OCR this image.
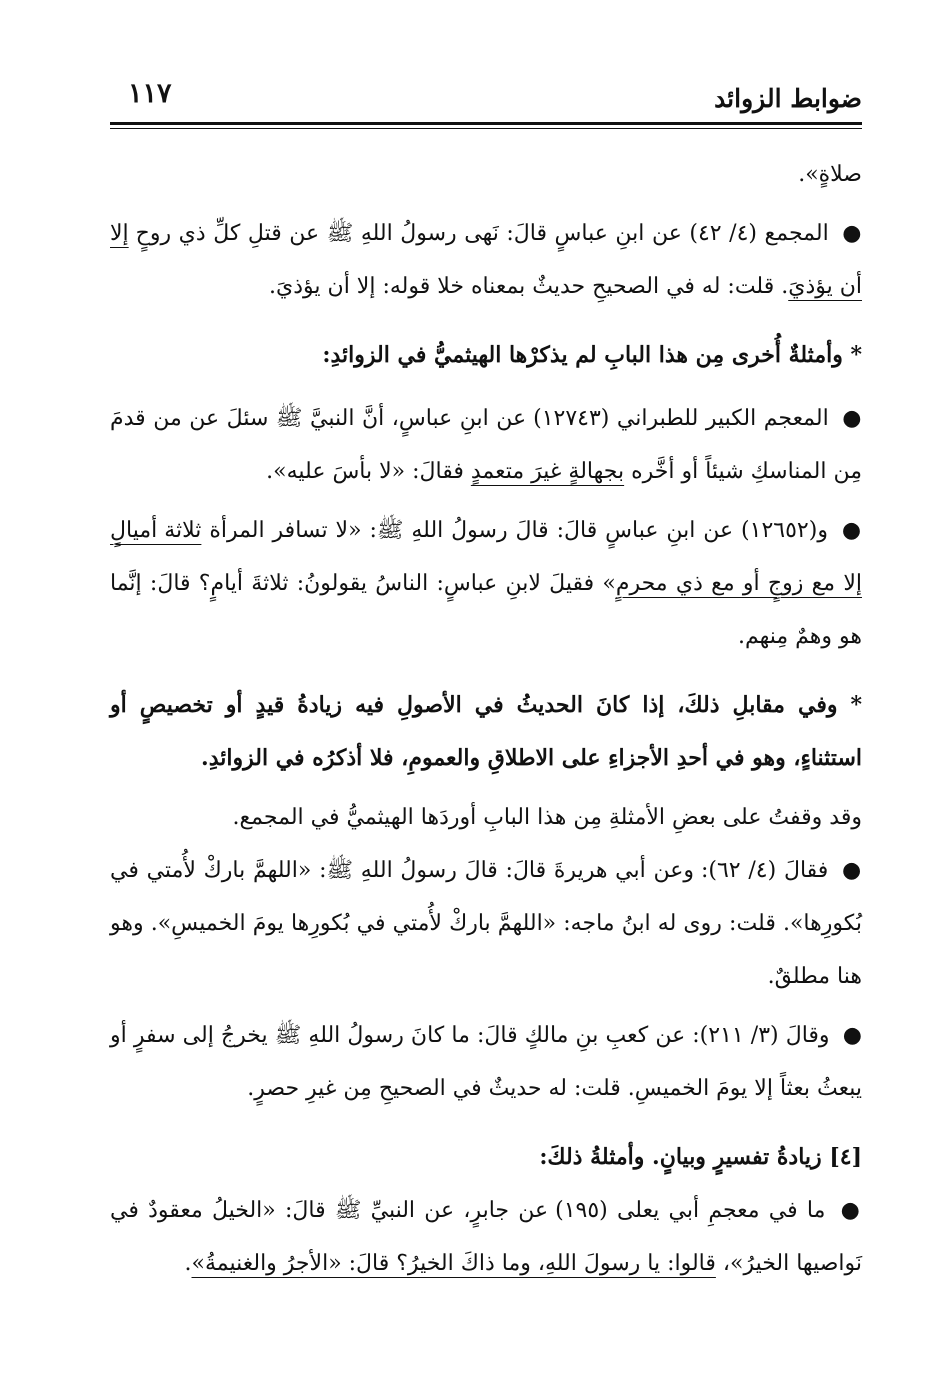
ضوابط الزوائد
١١٧

صلاةٍ».

● المجمع (٤/ ٤٢) عن ابنِ عباسٍ قالَ: نَهى رسولُ اللهِ ﷺ عن قتلِ كلِّ ذي روحٍ إلا أن يؤذيَ. قلت: له في الصحيحِ حديثٌ بمعناه خلا قوله: إلا أن يؤذيَ.

* وأمثلةٌ أُخرى مِن هذا البابِ لم يذكرْها الهيثميُّ في الزوائدِ:

● المعجم الكبير للطبراني (١٢٧٤٣) عن ابنِ عباسٍ، أنَّ النبيَّ ﷺ سئلَ عن من قدمَ مِن المناسكِ شيئاً أو أخَّره بجهالةٍ غيرَ متعمدٍ فقالَ: «لا بأسَ عليه».

● و(١٢٦٥٢) عن ابنِ عباسٍ قالَ: قالَ رسولُ اللهِ ﷺ: «لا تسافر المرأة ثلاثة أميالٍ إلا مع زوجٍ أو مع ذي محرمٍ» فقيلَ لابنِ عباسٍ: الناسُ يقولونُ: ثلاثةَ أيامٍ؟ قالَ: إنَّما هو وهمٌ مِنهم.

* وفي مقابلِ ذلكَ، إذا كانَ الحديثُ في الأصولِ فيه زيادةُ قيدٍ أو تخصيصٍ أو استثناءٍ، وهو في أحدِ الأجزاءِ على الاطلاقِ والعمومِ، فلا أذكرُه في الزوائدِ.

وقد وقفتُ على بعضِ الأمثلةِ مِن هذا البابِ أوردَها الهيثميُّ في المجمع.

● فقالَ (٤/ ٦٢): وعن أبي هريرةَ قالَ: قالَ رسولُ اللهِ ﷺ: «اللهمَّ باركْ لأُمتي في بُكورِها». قلت: روى له ابنُ ماجه: «اللهمَّ باركْ لأُمتي في بُكورِها يومَ الخميسِ». وهو هنا مطلقٌ.

● وقالَ (٣/ ٢١١): عن كعبِ بنِ مالكٍ قالَ: ما كانَ رسولُ اللهِ ﷺ يخرجُ إلى سفرٍ أو يبعثُ بعثاً إلا يومَ الخميسِ. قلت: له حديثٌ في الصحيحِ مِن غيرِ حصرٍ.

[٤] زيادةُ تفسيرٍ وبيانٍ. وأمثلةُ ذلكَ:

● ما في معجمِ أبي يعلى (١٩٥) عن جابرٍ، عن النبيِّ ﷺ قالَ: «الخيلُ معقودٌ في نَواصيها الخيرُ»، قالوا: يا رسولَ اللهِ، وما ذاكَ الخيرُ؟ قالَ: «الأجرُ والغنيمةُ».
